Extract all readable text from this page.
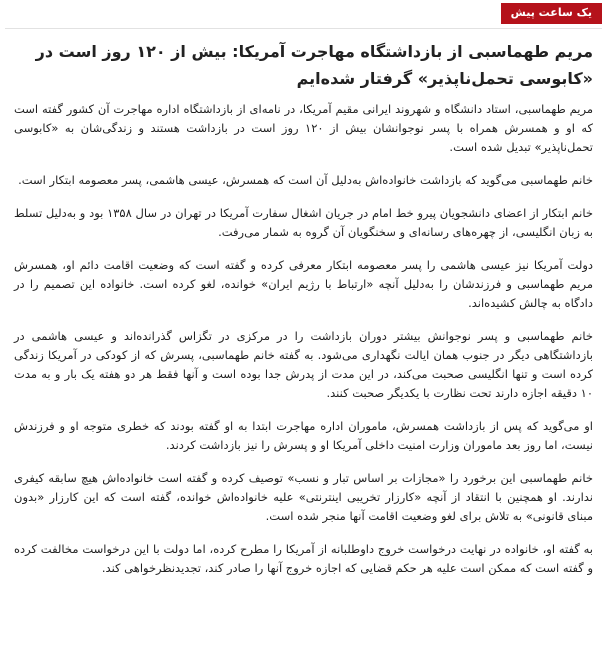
یک ساعت پیش
مریم طهماسبی از بازداشتگاه مهاجرت آمریکا: بیش از ۱۲۰ روز است در «کابوسی تحمل‌ناپذیر» گرفتار شده‌ایم

مریم طهماسبی، استاد دانشگاه و شهروند ایرانی مقیم آمریکا، در نامه‌ای از بازداشتگاه اداره مهاجرت آن کشور گفته است که او و همسرش همراه با پسر نوجوانشان بیش از ۱۲۰ روز است در بازداشت هستند و زندگی‌شان به «کابوسی تحمل‌ناپذیر» تبدیل شده است.

خانم طهماسبی می‌گوید که بازداشت خانواده‌اش به‌دلیل آن است که همسرش، عیسی هاشمی، پسر معصومه ابتکار است.

خانم ابتکار از اعضای دانشجویان پیرو خط امام در جریان اشغال سفارت آمریکا در تهران در سال ۱۳۵۸ بود و به‌دلیل تسلط به زبان انگلیسی، از چهره‌های رسانه‌ای و سخنگویان آن گروه به شمار می‌رفت.

دولت آمریکا نیز عیسی هاشمی را پسر معصومه ابتکار معرفی کرده و گفته است که وضعیت اقامت دائم او، همسرش مریم طهماسبی و فرزندشان را به‌دلیل آنچه «ارتباط با رژیم ایران» خوانده، لغو کرده است. خانواده این تصمیم را در دادگاه به چالش کشیده‌اند.

خانم طهماسبی و پسر نوجوانش بیشتر دوران بازداشت را در مرکزی در تگزاس گذرانده‌اند و عیسی هاشمی در بازداشتگاهی دیگر در جنوب همان ایالت نگهداری می‌شود. به گفته خانم طهماسبی، پسرش که از کودکی در آمریکا زندگی کرده است و تنها انگلیسی صحبت می‌کند، در این مدت از پدرش جدا بوده است و آنها فقط هر دو هفته یک بار و به مدت ۱۰ دقیقه اجازه دارند تحت نظارت با یکدیگر صحبت کنند.

او می‌گوید که پس از بازداشت همسرش، ماموران اداره مهاجرت ابتدا به او گفته بودند که خطری متوجه او و فرزندش نیست، اما روز بعد ماموران وزارت امنیت داخلی آمریکا او و پسرش را نیز بازداشت کردند.

خانم طهماسبی این برخورد را «مجازات بر اساس تبار و نسب» توصیف کرده و گفته است خانواده‌اش هیچ سابقه کیفری ندارند. او همچنین با انتقاد از آنچه «کارزار تخریبی اینترنتی» علیه خانواده‌اش خوانده، گفته است که این کارزار «بدون مبنای قانونی» به تلاش برای لغو وضعیت اقامت آنها منجر شده است.

به گفته او، خانواده در نهایت درخواست خروج داوطلبانه از آمریکا را مطرح کرده، اما دولت با این درخواست مخالفت کرده و گفته است که ممکن است علیه هر حکم قضایی که اجازه خروج آنها را صادر کند، تجدیدنظرخواهی کند.
